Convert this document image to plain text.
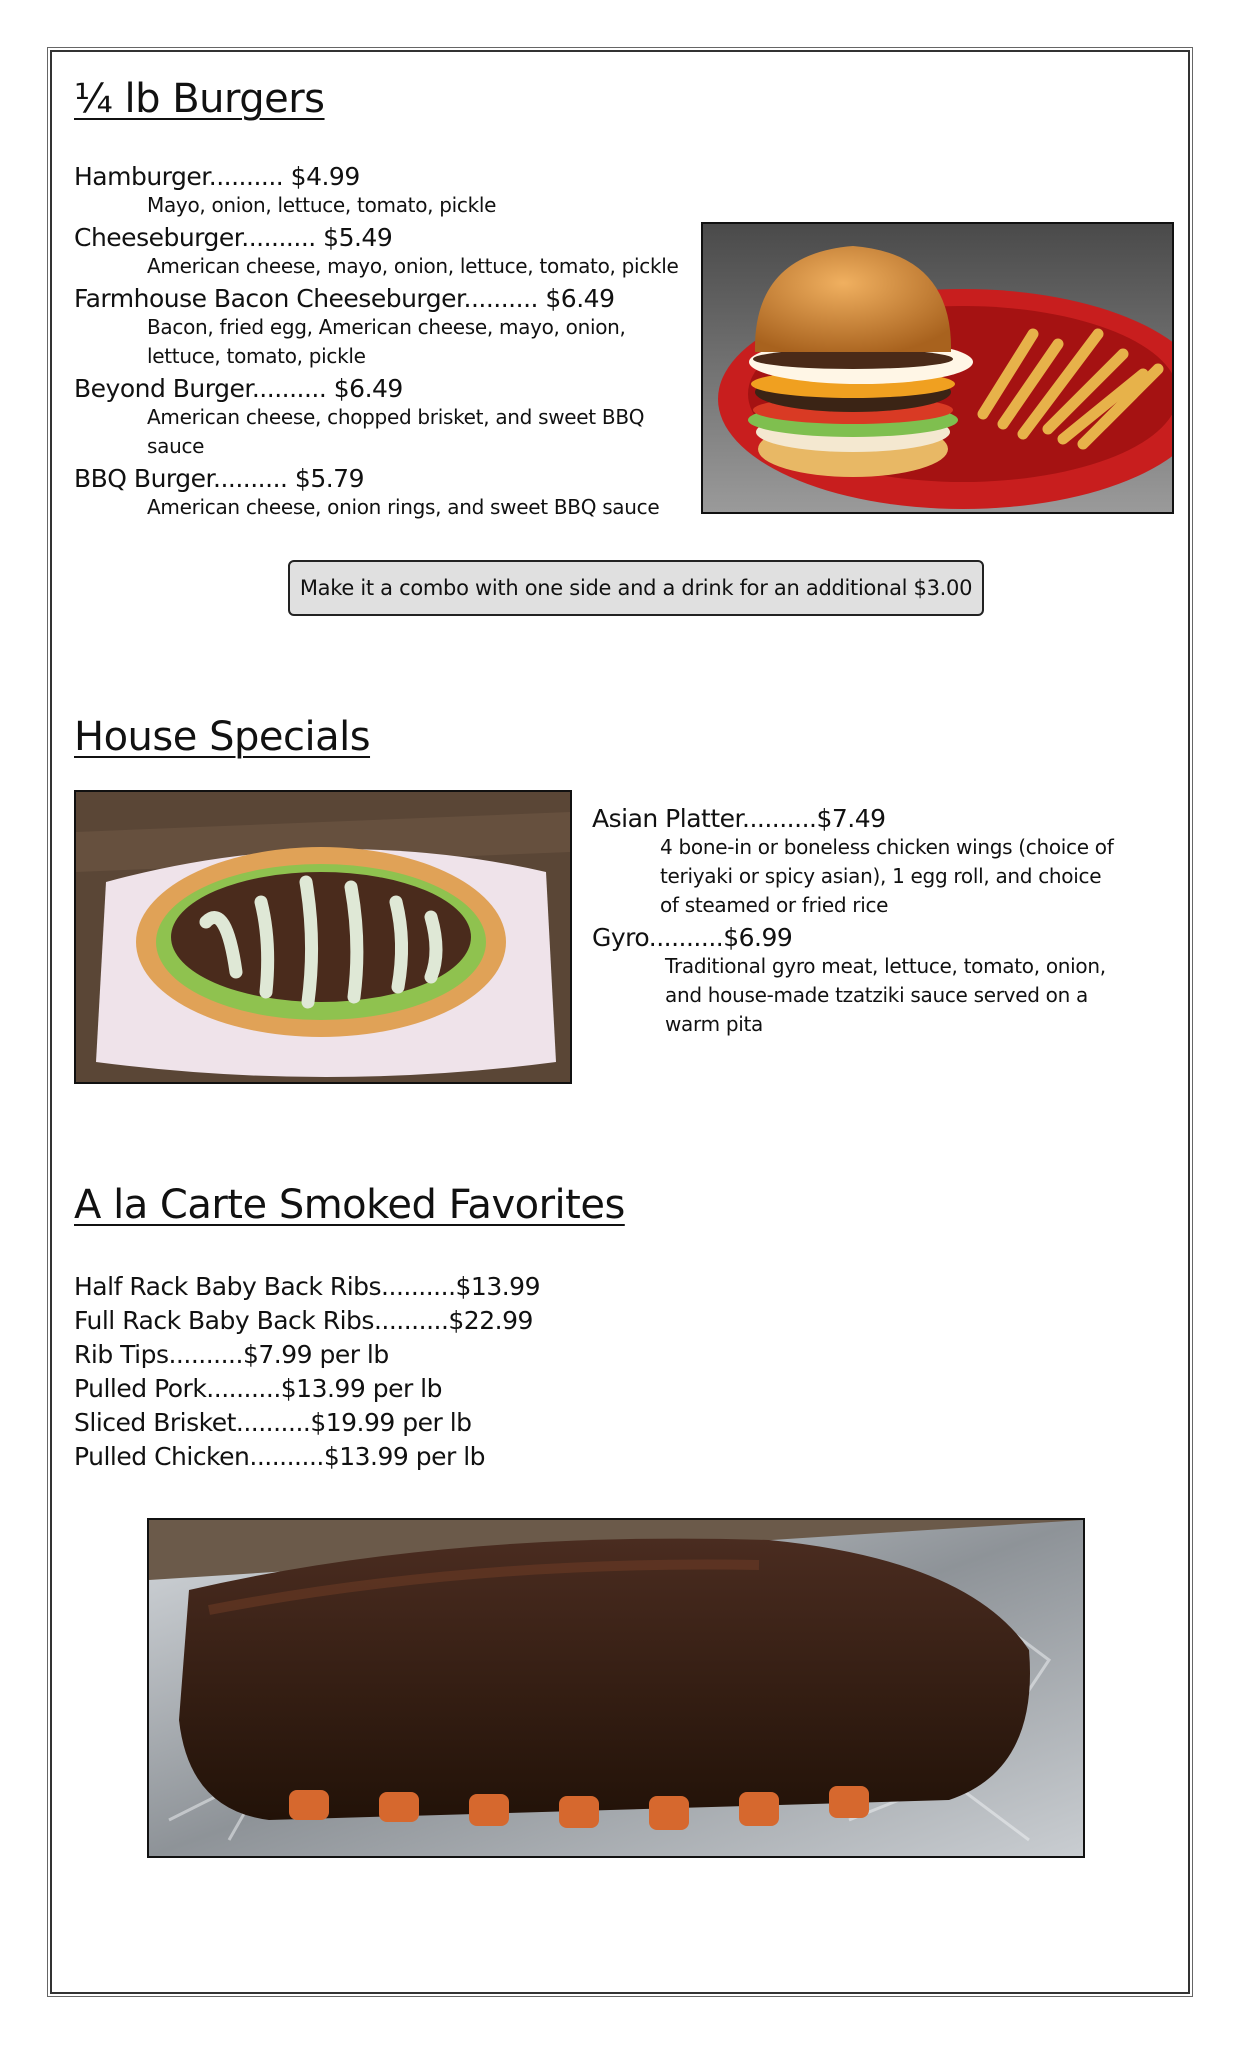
¼ lb Burgers
Hamburger.......... $4.99
Mayo, onion, lettuce, tomato, pickle
Cheeseburger.......... $5.49
American cheese, mayo, onion, lettuce, tomato, pickle
Farmhouse Bacon Cheeseburger.......... $6.49
Bacon, fried egg, American cheese, mayo, onion, lettuce, tomato, pickle
Beyond Burger.......... $6.49
American cheese, chopped brisket, and sweet BBQ sauce
BBQ Burger.......... $5.79
American cheese, onion rings, and sweet BBQ sauce
Make it a combo with one side and a drink for an additional $3.00
House Specials
Asian Platter..........$7.49
4 bone-in or boneless chicken wings (choice of teriyaki or spicy asian), 1 egg roll, and choice of steamed or fried rice
Gyro..........$6.99
Traditional gyro meat, lettuce, tomato, onion, and house-made tzatziki sauce served on a warm pita
A la Carte Smoked Favorites
Half Rack Baby Back Ribs..........$13.99
Full Rack Baby Back Ribs..........$22.99
Rib Tips..........$7.99 per lb
Pulled Pork..........$13.99 per lb
Sliced Brisket..........$19.99 per lb
Pulled Chicken..........$13.99 per lb
